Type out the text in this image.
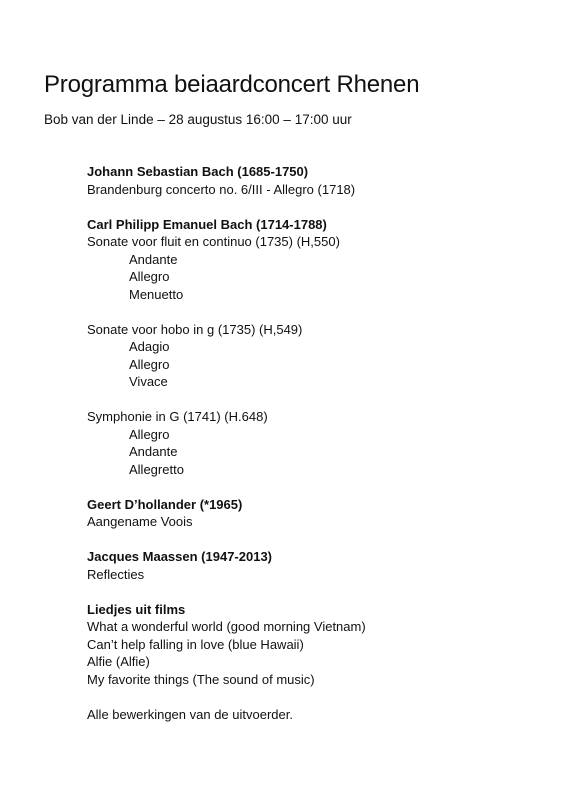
Programma beiaardconcert Rhenen
Bob van der Linde – 28 augustus 16:00 – 17:00 uur
Johann Sebastian Bach (1685-1750)
Brandenburg concerto no. 6/III - Allegro (1718)
Carl Philipp Emanuel Bach (1714-1788)
Sonate voor fluit en continuo (1735) (H,550)
Andante
Allegro
Menuetto
Sonate voor hobo in g (1735) (H,549)
Adagio
Allegro
Vivace
Symphonie in G (1741) (H.648)
Allegro
Andante
Allegretto
Geert D’hollander (*1965)
Aangename Voois
Jacques Maassen (1947-2013)
Reflecties
Liedjes uit films
What a wonderful world (good morning Vietnam)
Can’t help falling in love (blue Hawaii)
Alfie (Alfie)
My favorite things (The sound of music)
Alle bewerkingen van de uitvoerder.
